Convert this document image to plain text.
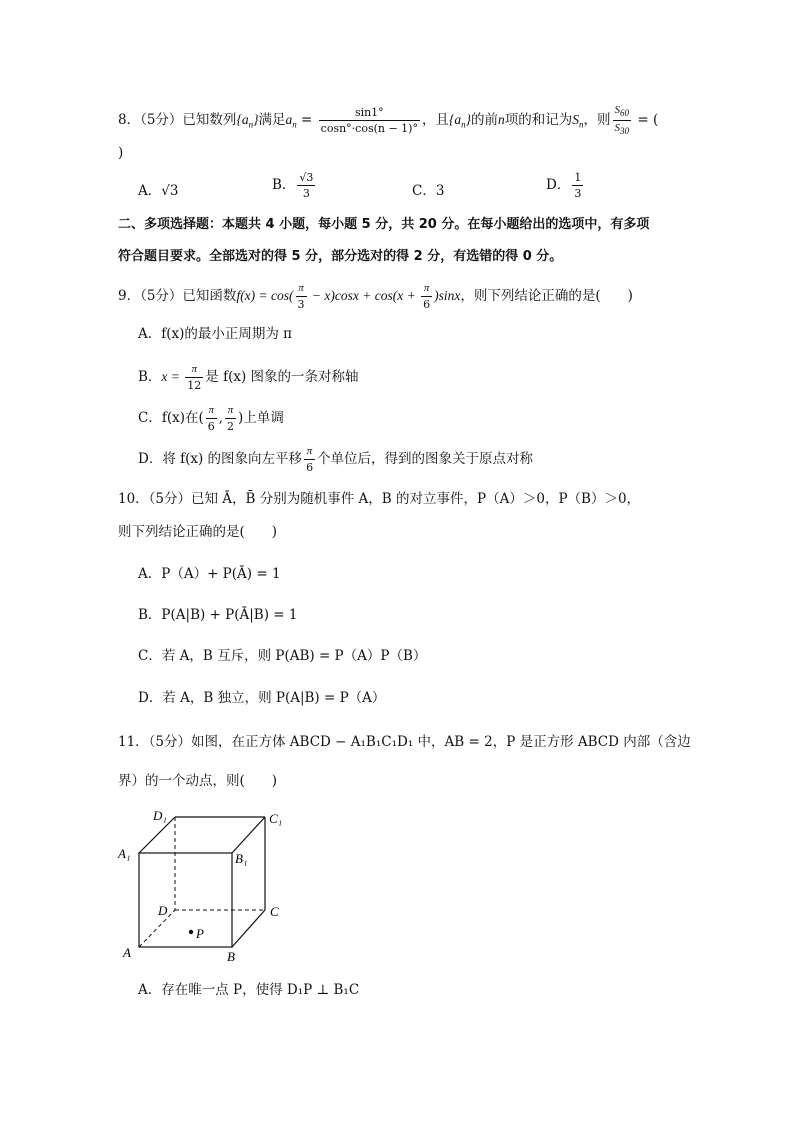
8．（5分）已知数列$\{a_n\}$满足$a_n = \frac{\sin 1^\circ}{\cos n^\circ\cdot\cos(n - 1)^\circ}$ ，且$\{a_n\}$的前n项的和记为$S_n$，则 $\frac{S_{60}}{S_{30}}$ = (
)
A．√3	B． $\frac{√3}{3}$	C．3	D． $\frac{1}{3}$
二、多项选择题：本题共 4 小题，每小题 5 分，共 20 分。在每小题给出的选项中，有多项
符合题目要求。全部选对的得 5 分，部分选对的得 2 分，有选错的得 0 分。
9．（5分）已知函数$f(x) = \cos( \frac{\pi}{3} - x)\cos x + \cos(x + \frac{\pi}{6} )\sin x$，则下列结论正确的是(　　)
A．f(x)的最小正周期为 π
B．$x = \frac{\pi}{12}$ 是 f(x) 图象的一条对称轴
C．f(x)在( $\frac{\pi}{6}$ , $\frac{\pi}{2}$ )上单调
D．将 f(x) 的图象向左平移 $\frac{\pi}{6}$ 个单位后，得到的图象关于原点对称
10．（5分）已知 Ā，B̄ 分别为随机事件 A，B 的对立事件，P（A）＞0，P（B）＞0，
则下列结论正确的是(　　)
A．P（A）+ P(Ā) = 1
B．P(A|B) + P(Ā|B) = 1
C．若 A，B 互斥，则 P(AB) = P（A）P（B）
D．若 A，B 独立，则 P(A|B) = P（A）
11．（5分）如图，在正方体 ABCD − A₁B₁C₁D₁ 中，AB = 2，P 是正方形 ABCD 内部（含边
界）的一个动点，则(　　)
D₁	C₁
A₁	B₁
D	C
A	B
P
A．存在唯一点 P，使得 D₁P ⊥ B₁C
